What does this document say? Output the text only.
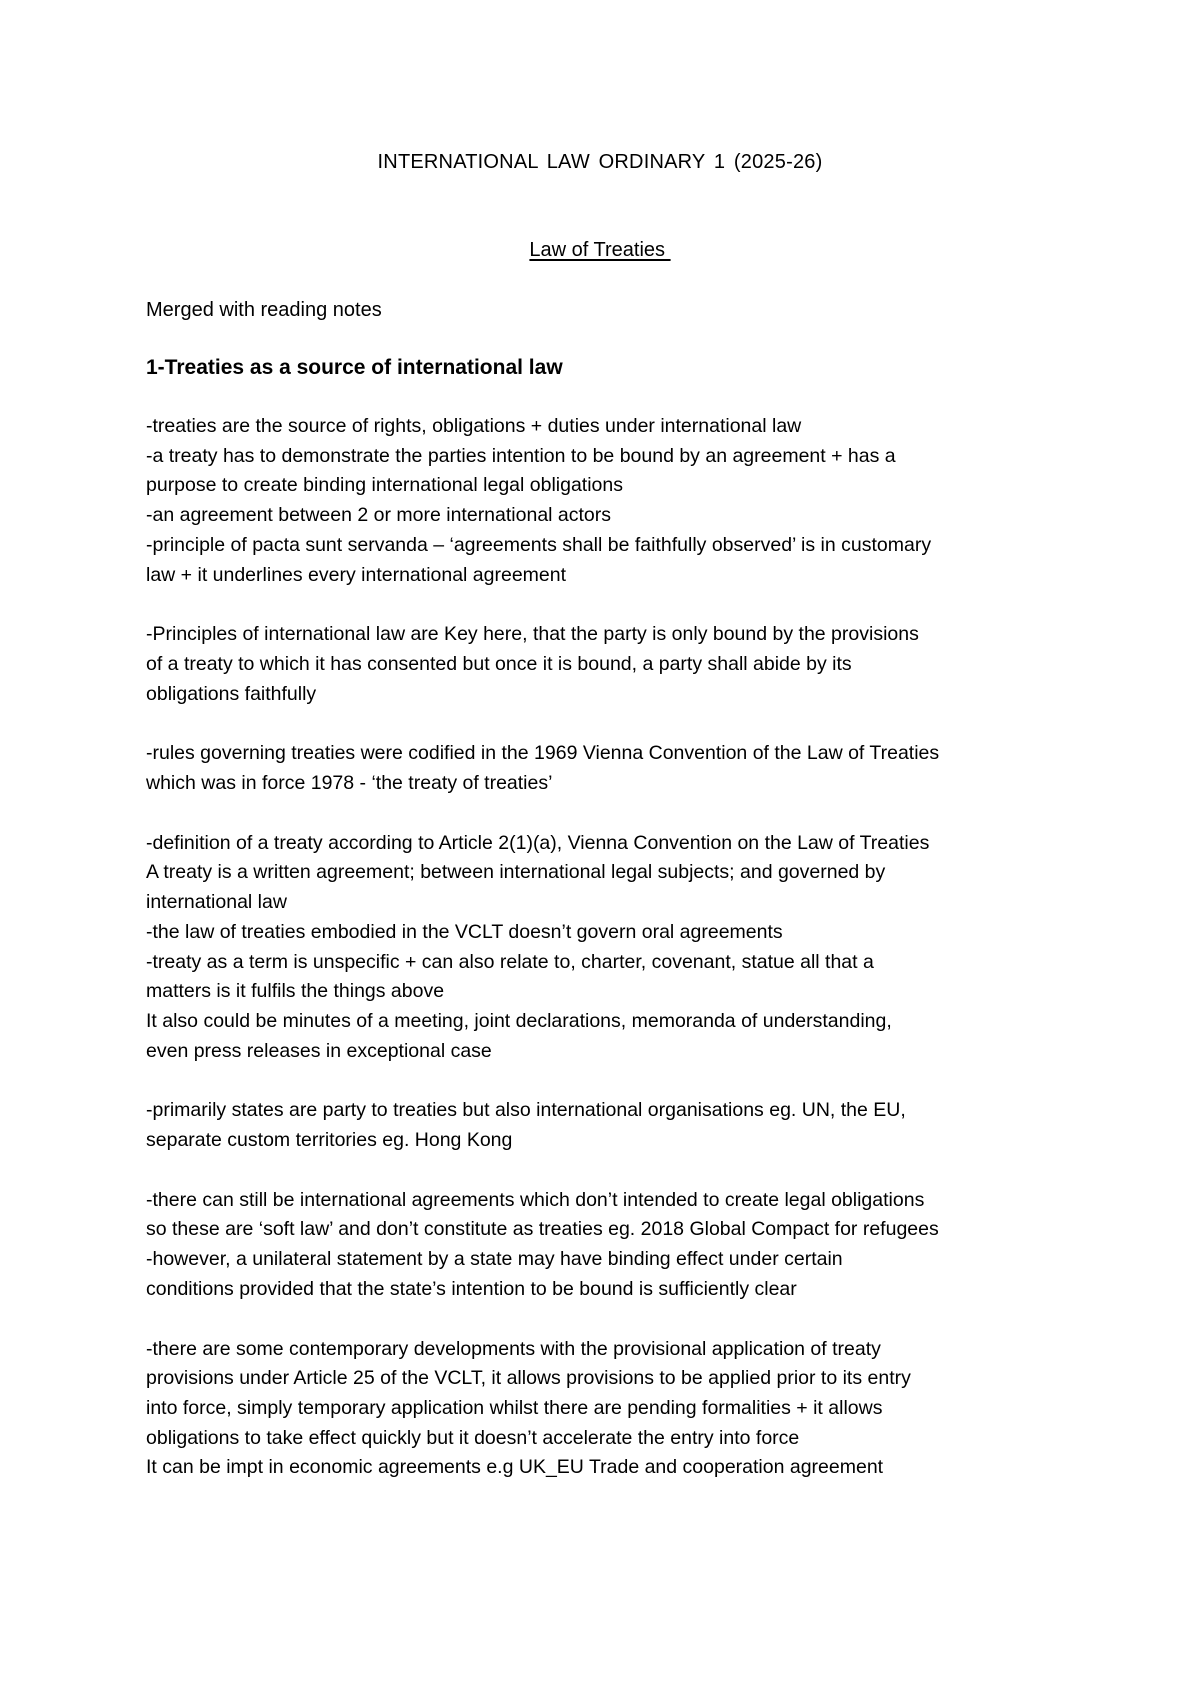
INTERNATIONAL LAW ORDINARY 1 (2025-26)
Law of Treaties
Merged with reading notes
1-Treaties as a source of international law
-treaties are the source of rights, obligations + duties under international law
-a treaty has to demonstrate the parties intention to be bound by an agreement + has a
purpose to create binding international legal obligations
-an agreement between 2 or more international actors
-principle of pacta sunt servanda – ‘agreements shall be faithfully observed’ is in customary
law + it underlines every international agreement
-Principles of international law are Key here, that the party is only bound by the provisions
of a treaty to which it has consented but once it is bound, a party shall abide by its
obligations faithfully
-rules governing treaties were codified in the 1969 Vienna Convention of the Law of Treaties
which was in force 1978 - ‘the treaty of treaties’
-definition of a treaty according to Article 2(1)(a), Vienna Convention on the Law of Treaties
A treaty is a written agreement; between international legal subjects; and governed by
international law
-the law of treaties embodied in the VCLT doesn’t govern oral agreements
-treaty as a term is unspecific + can also relate to, charter, covenant, statue all that a
matters is it fulfils the things above
It also could be minutes of a meeting, joint declarations, memoranda of understanding,
even press releases in exceptional case
-primarily states are party to treaties but also international organisations eg. UN, the EU,
separate custom territories eg. Hong Kong
-there can still be international agreements which don’t intended to create legal obligations
so these are ‘soft law’ and don’t constitute as treaties eg. 2018 Global Compact for refugees
-however, a unilateral statement by a state may have binding effect under certain
conditions provided that the state’s intention to be bound is sufficiently clear
-there are some contemporary developments with the provisional application of treaty
provisions under Article 25 of the VCLT, it allows provisions to be applied prior to its entry
into force, simply temporary application whilst there are pending formalities + it allows
obligations to take effect quickly but it doesn’t accelerate the entry into force
It can be impt in economic agreements e.g UK_EU Trade and cooperation agreement
